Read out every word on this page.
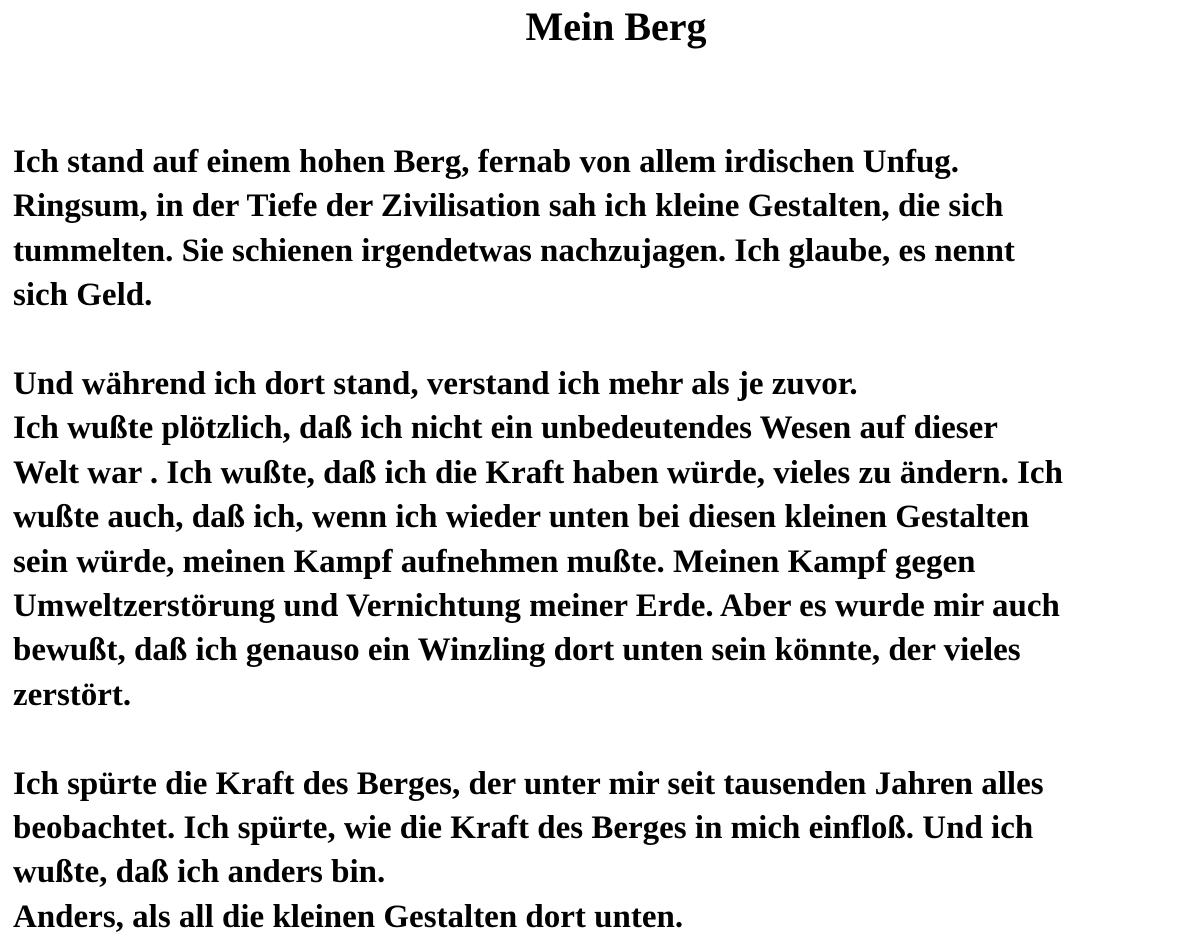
Mein Berg

Ich stand auf einem hohen Berg, fernab von allem irdischen Unfug.
Ringsum, in der Tiefe der Zivilisation sah ich kleine Gestalten, die sich
tummelten. Sie schienen irgendetwas nachzujagen. Ich glaube, es nennt
sich Geld.

Und während ich dort stand, verstand ich mehr als je zuvor.
Ich wußte plötzlich, daß ich nicht ein unbedeutendes Wesen auf dieser
Welt war . Ich wußte, daß ich die Kraft haben würde, vieles zu ändern. Ich
wußte auch, daß ich, wenn ich wieder unten bei diesen kleinen Gestalten
sein würde, meinen Kampf aufnehmen mußte. Meinen Kampf gegen
Umweltzerstörung und Vernichtung meiner Erde. Aber es wurde mir auch
bewußt, daß ich genauso ein Winzling dort unten sein könnte, der vieles
zerstört.

Ich spürte die Kraft des Berges, der unter mir seit tausenden Jahren alles
beobachtet. Ich spürte, wie die Kraft des Berges in mich einfloß. Und ich
wußte, daß ich anders bin.
Anders, als all die kleinen Gestalten dort unten.
